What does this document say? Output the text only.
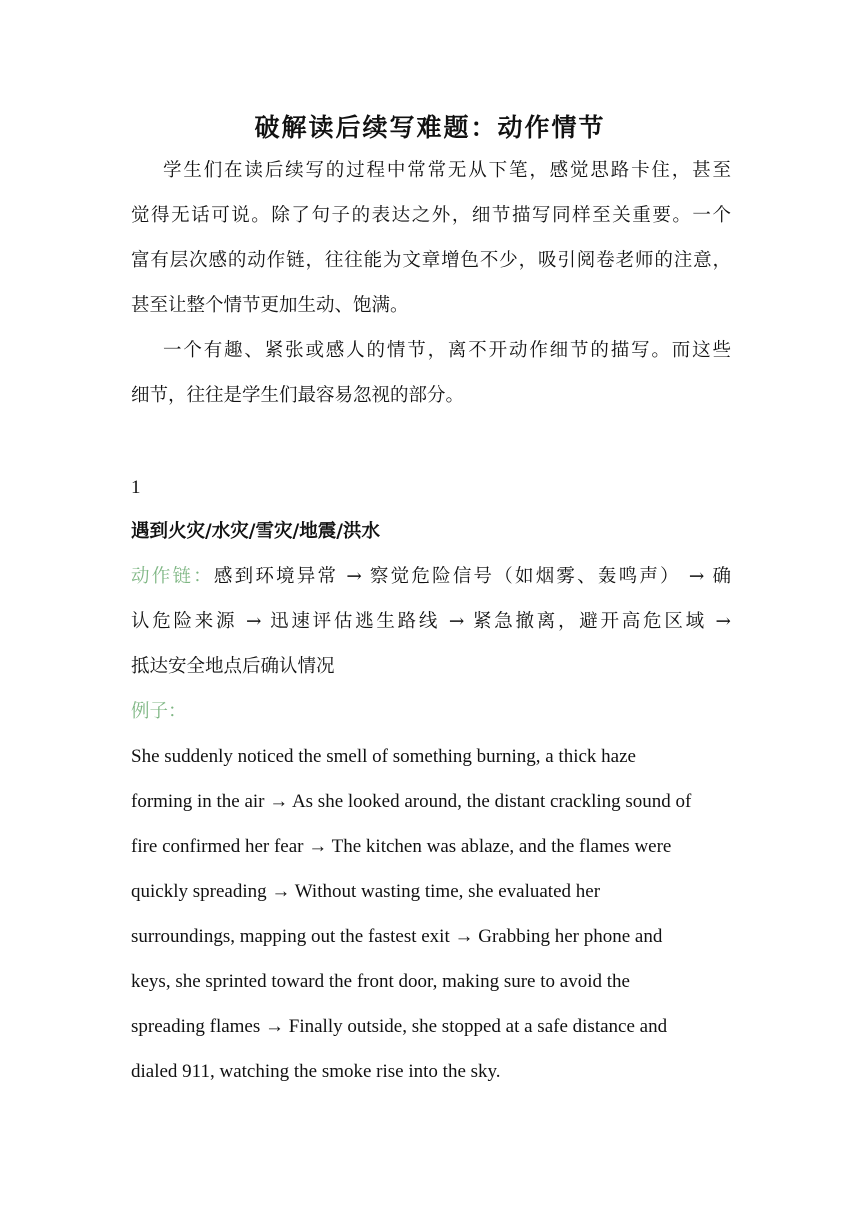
破解读后续写难题：动作情节
学生们在读后续写的过程中常常无从下笔，感觉思路卡住，甚至
觉得无话可说。除了句子的表达之外，细节描写同样至关重要。一个
富有层次感的动作链，往往能为文章增色不少，吸引阅卷老师的注意，
甚至让整个情节更加生动、饱满。
一个有趣、紧张或感人的情节，离不开动作细节的描写。而这些
细节，往往是学生们最容易忽视的部分。
1
遇到火灾/水灾/雪灾/地震/洪水
动作链：感到环境异常 → 察觉危险信号（如烟雾、轰鸣声） → 确
认危险来源 → 迅速评估逃生路线 → 紧急撤离，避开高危区域 →
抵达安全地点后确认情况
例子：
She suddenly noticed the smell of something burning, a thick haze
forming in the air → As she looked around, the distant crackling sound of
fire confirmed her fear → The kitchen was ablaze, and the flames were
quickly spreading → Without wasting time, she evaluated her
surroundings, mapping out the fastest exit → Grabbing her phone and
keys, she sprinted toward the front door, making sure to avoid the
spreading flames → Finally outside, she stopped at a safe distance and
dialed 911, watching the smoke rise into the sky.
